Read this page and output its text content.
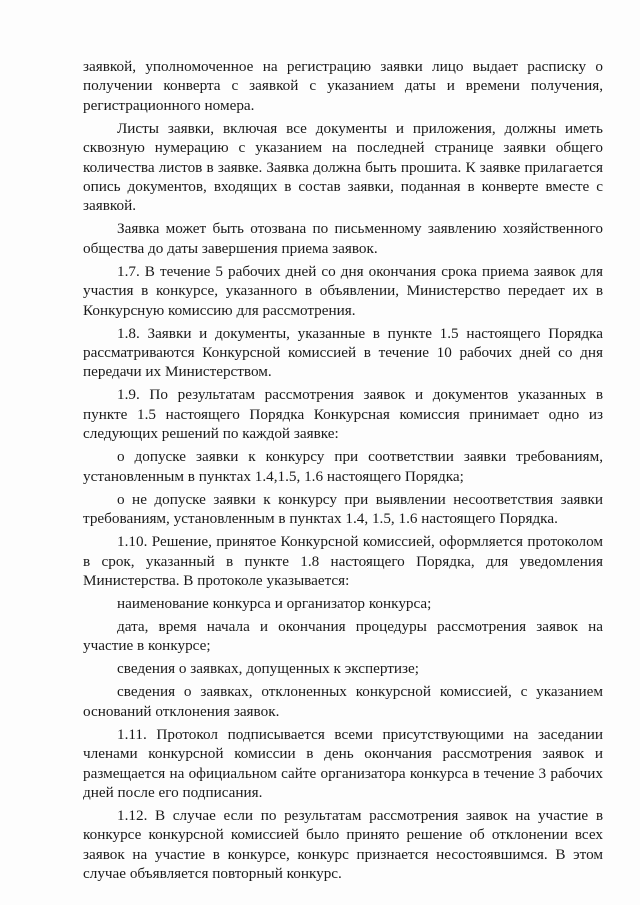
заявкой, уполномоченное на регистрацию заявки лицо выдает расписку о получении конверта с заявкой с указанием даты и времени получения, регистрационного номера.

Листы заявки, включая все документы и приложения, должны иметь сквозную нумерацию с указанием на последней странице заявки общего количества листов в заявке. Заявка должна быть прошита. К заявке прилагается опись документов, входящих в состав заявки, поданная в конверте вместе с заявкой.

Заявка может быть отозвана по письменному заявлению хозяйственного общества до даты завершения приема заявок.

1.7. В течение 5 рабочих дней со дня окончания срока приема заявок для участия в конкурсе, указанного в объявлении, Министерство передает их в Конкурсную комиссию для рассмотрения.

1.8. Заявки и документы, указанные в пункте 1.5 настоящего Порядка рассматриваются Конкурсной комиссией в течение 10 рабочих дней со дня передачи их Министерством.

1.9. По результатам рассмотрения заявок и документов указанных в пункте 1.5 настоящего Порядка Конкурсная комиссия принимает одно из следующих решений по каждой заявке:

о допуске заявки к конкурсу при соответствии заявки требованиям, установленным в пунктах 1.4,1.5, 1.6 настоящего Порядка;

о не допуске заявки к конкурсу при выявлении несоответствия заявки требованиям, установленным в пунктах 1.4, 1.5, 1.6 настоящего Порядка.

1.10. Решение, принятое Конкурсной комиссией, оформляется протоколом в срок, указанный в пункте 1.8 настоящего Порядка, для уведомления Министерства. В протоколе указывается:

наименование конкурса и организатор конкурса;

дата, время начала и окончания процедуры рассмотрения заявок на участие в конкурсе;

сведения о заявках, допущенных к экспертизе;

сведения о заявках, отклоненных конкурсной комиссией, с указанием оснований отклонения заявок.

1.11. Протокол подписывается всеми присутствующими на заседании членами конкурсной комиссии в день окончания рассмотрения заявок и размещается на официальном сайте организатора конкурса в течение 3 рабочих дней после его подписания.

1.12. В случае если по результатам рассмотрения заявок на участие в конкурсе конкурсной комиссией было принято решение об отклонении всех заявок на участие в конкурсе, конкурс признается несостоявшимся. В этом случае объявляется повторный конкурс.
